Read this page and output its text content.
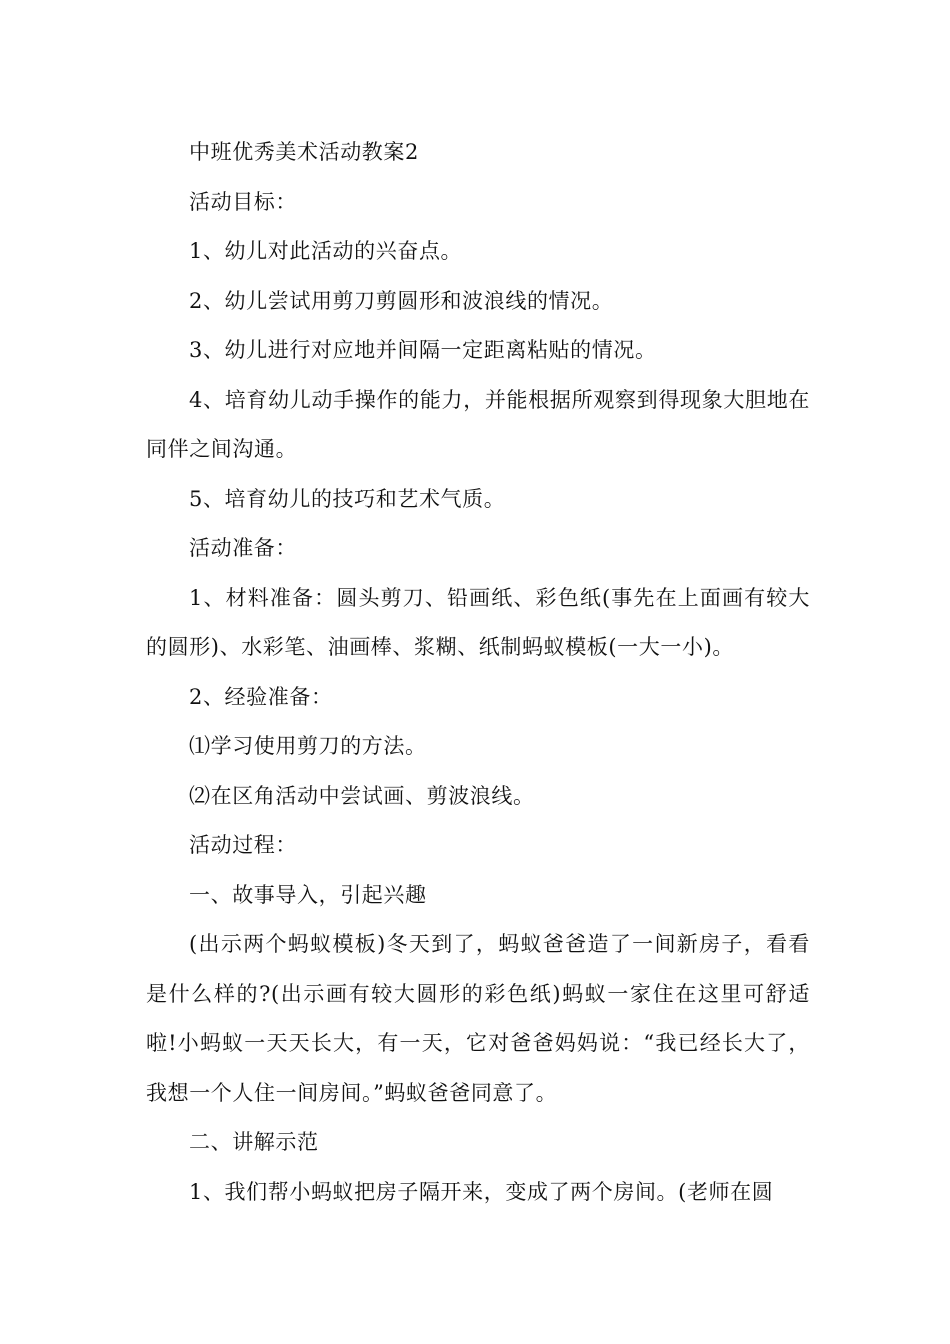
中班优秀美术活动教案2

活动目标：

1、幼儿对此活动的兴奋点。

2、幼儿尝试用剪刀剪圆形和波浪线的情况。

3、幼儿进行对应地并间隔一定距离粘贴的情况。

4、培育幼儿动手操作的能力，并能根据所观察到得现象大胆地在同伴之间沟通。

5、培育幼儿的技巧和艺术气质。

活动准备：

1、材料准备：圆头剪刀、铅画纸、彩色纸(事先在上面画有较大的圆形)、水彩笔、油画棒、浆糊、纸制蚂蚁模板(一大一小)。

2、经验准备：

⑴学习使用剪刀的方法。

⑵在区角活动中尝试画、剪波浪线。

活动过程：

一、故事导入，引起兴趣

(出示两个蚂蚁模板)冬天到了，蚂蚁爸爸造了一间新房子，看看是什么样的?(出示画有较大圆形的彩色纸)蚂蚁一家住在这里可舒适啦!小蚂蚁一天天长大，有一天，它对爸爸妈妈说：“我已经长大了，我想一个人住一间房间。”蚂蚁爸爸同意了。

二、讲解示范

1、我们帮小蚂蚁把房子隔开来，变成了两个房间。(老师在圆
